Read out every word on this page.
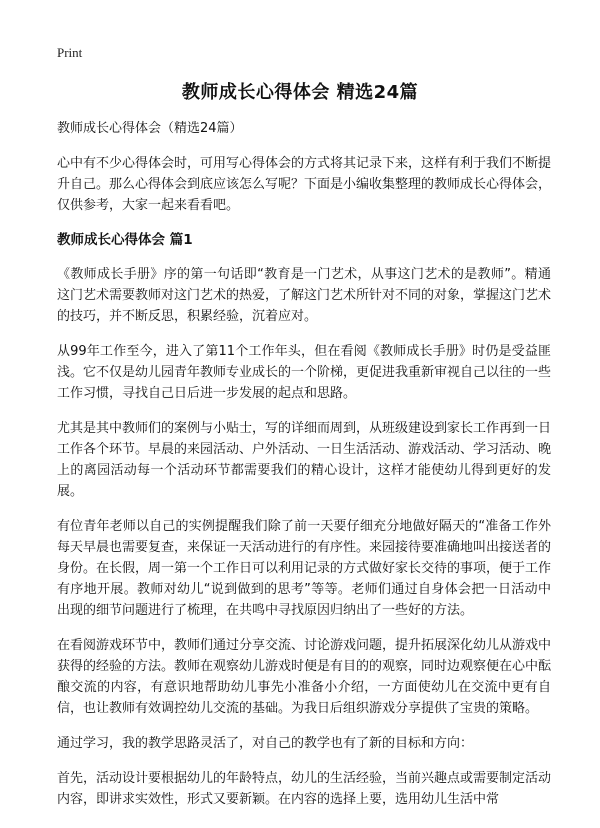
Print
教师成长心得体会 精选24篇

教师成长心得体会（精选24篇）

心中有不少心得体会时，可用写心得体会的方式将其记录下来，这样有利于我们不断提升自己。那么心得体会到底应该怎么写呢？下面是小编收集整理的教师成长心得体会，仅供参考，大家一起来看看吧。

教师成长心得体会 篇1

《教师成长手册》序的第一句话即“教育是一门艺术，从事这门艺术的是教师”。精通这门艺术需要教师对这门艺术的热爱，了解这门艺术所针对不同的对象，掌握这门艺术的技巧，并不断反思，积累经验，沉着应对。

从99年工作至今，进入了第11个工作年头，但在看阅《教师成长手册》时仍是受益匪浅。它不仅是幼儿园青年教师专业成长的一个阶梯，更促进我重新审视自己以往的一些工作习惯，寻找自己日后进一步发展的起点和思路。

尤其是其中教师们的案例与小贴士，写的详细而周到，从班级建设到家长工作再到一日工作各个环节。早晨的来园活动、户外活动、一日生活活动、游戏活动、学习活动、晚上的离园活动每一个活动环节都需要我们的精心设计，这样才能使幼儿得到更好的发展。

有位青年老师以自己的实例提醒我们除了前一天要仔细充分地做好隔天的“准备工作外每天早晨也需要复查，来保证一天活动进行的有序性。来园接待要准确地叫出接送者的身份。在长假，周一第一个工作日可以利用记录的方式做好家长交待的事项，便于工作有序地开展。教师对幼儿“说到做到的思考”等等。老师们通过自身体会把一日活动中出现的细节问题进行了梳理，在共鸣中寻找原因归纳出了一些好的方法。

在看阅游戏环节中，教师们通过分享交流、讨论游戏问题，提升拓展深化幼儿从游戏中获得的经验的方法。教师在观察幼儿游戏时便是有目的的观察，同时边观察便在心中酝酿交流的内容，有意识地帮助幼儿事先小准备小介绍，一方面使幼儿在交流中更有自信，也让教师有效调控幼儿交流的基础。为我日后组织游戏分享提供了宝贵的策略。

通过学习，我的教学思路灵活了，对自己的教学也有了新的目标和方向：

首先，活动设计要根据幼儿的年龄特点，幼儿的生活经验，当前兴趣点或需要制定活动内容，即讲求实效性，形式又要新颖。在内容的选择上要，选用幼儿生活中常
